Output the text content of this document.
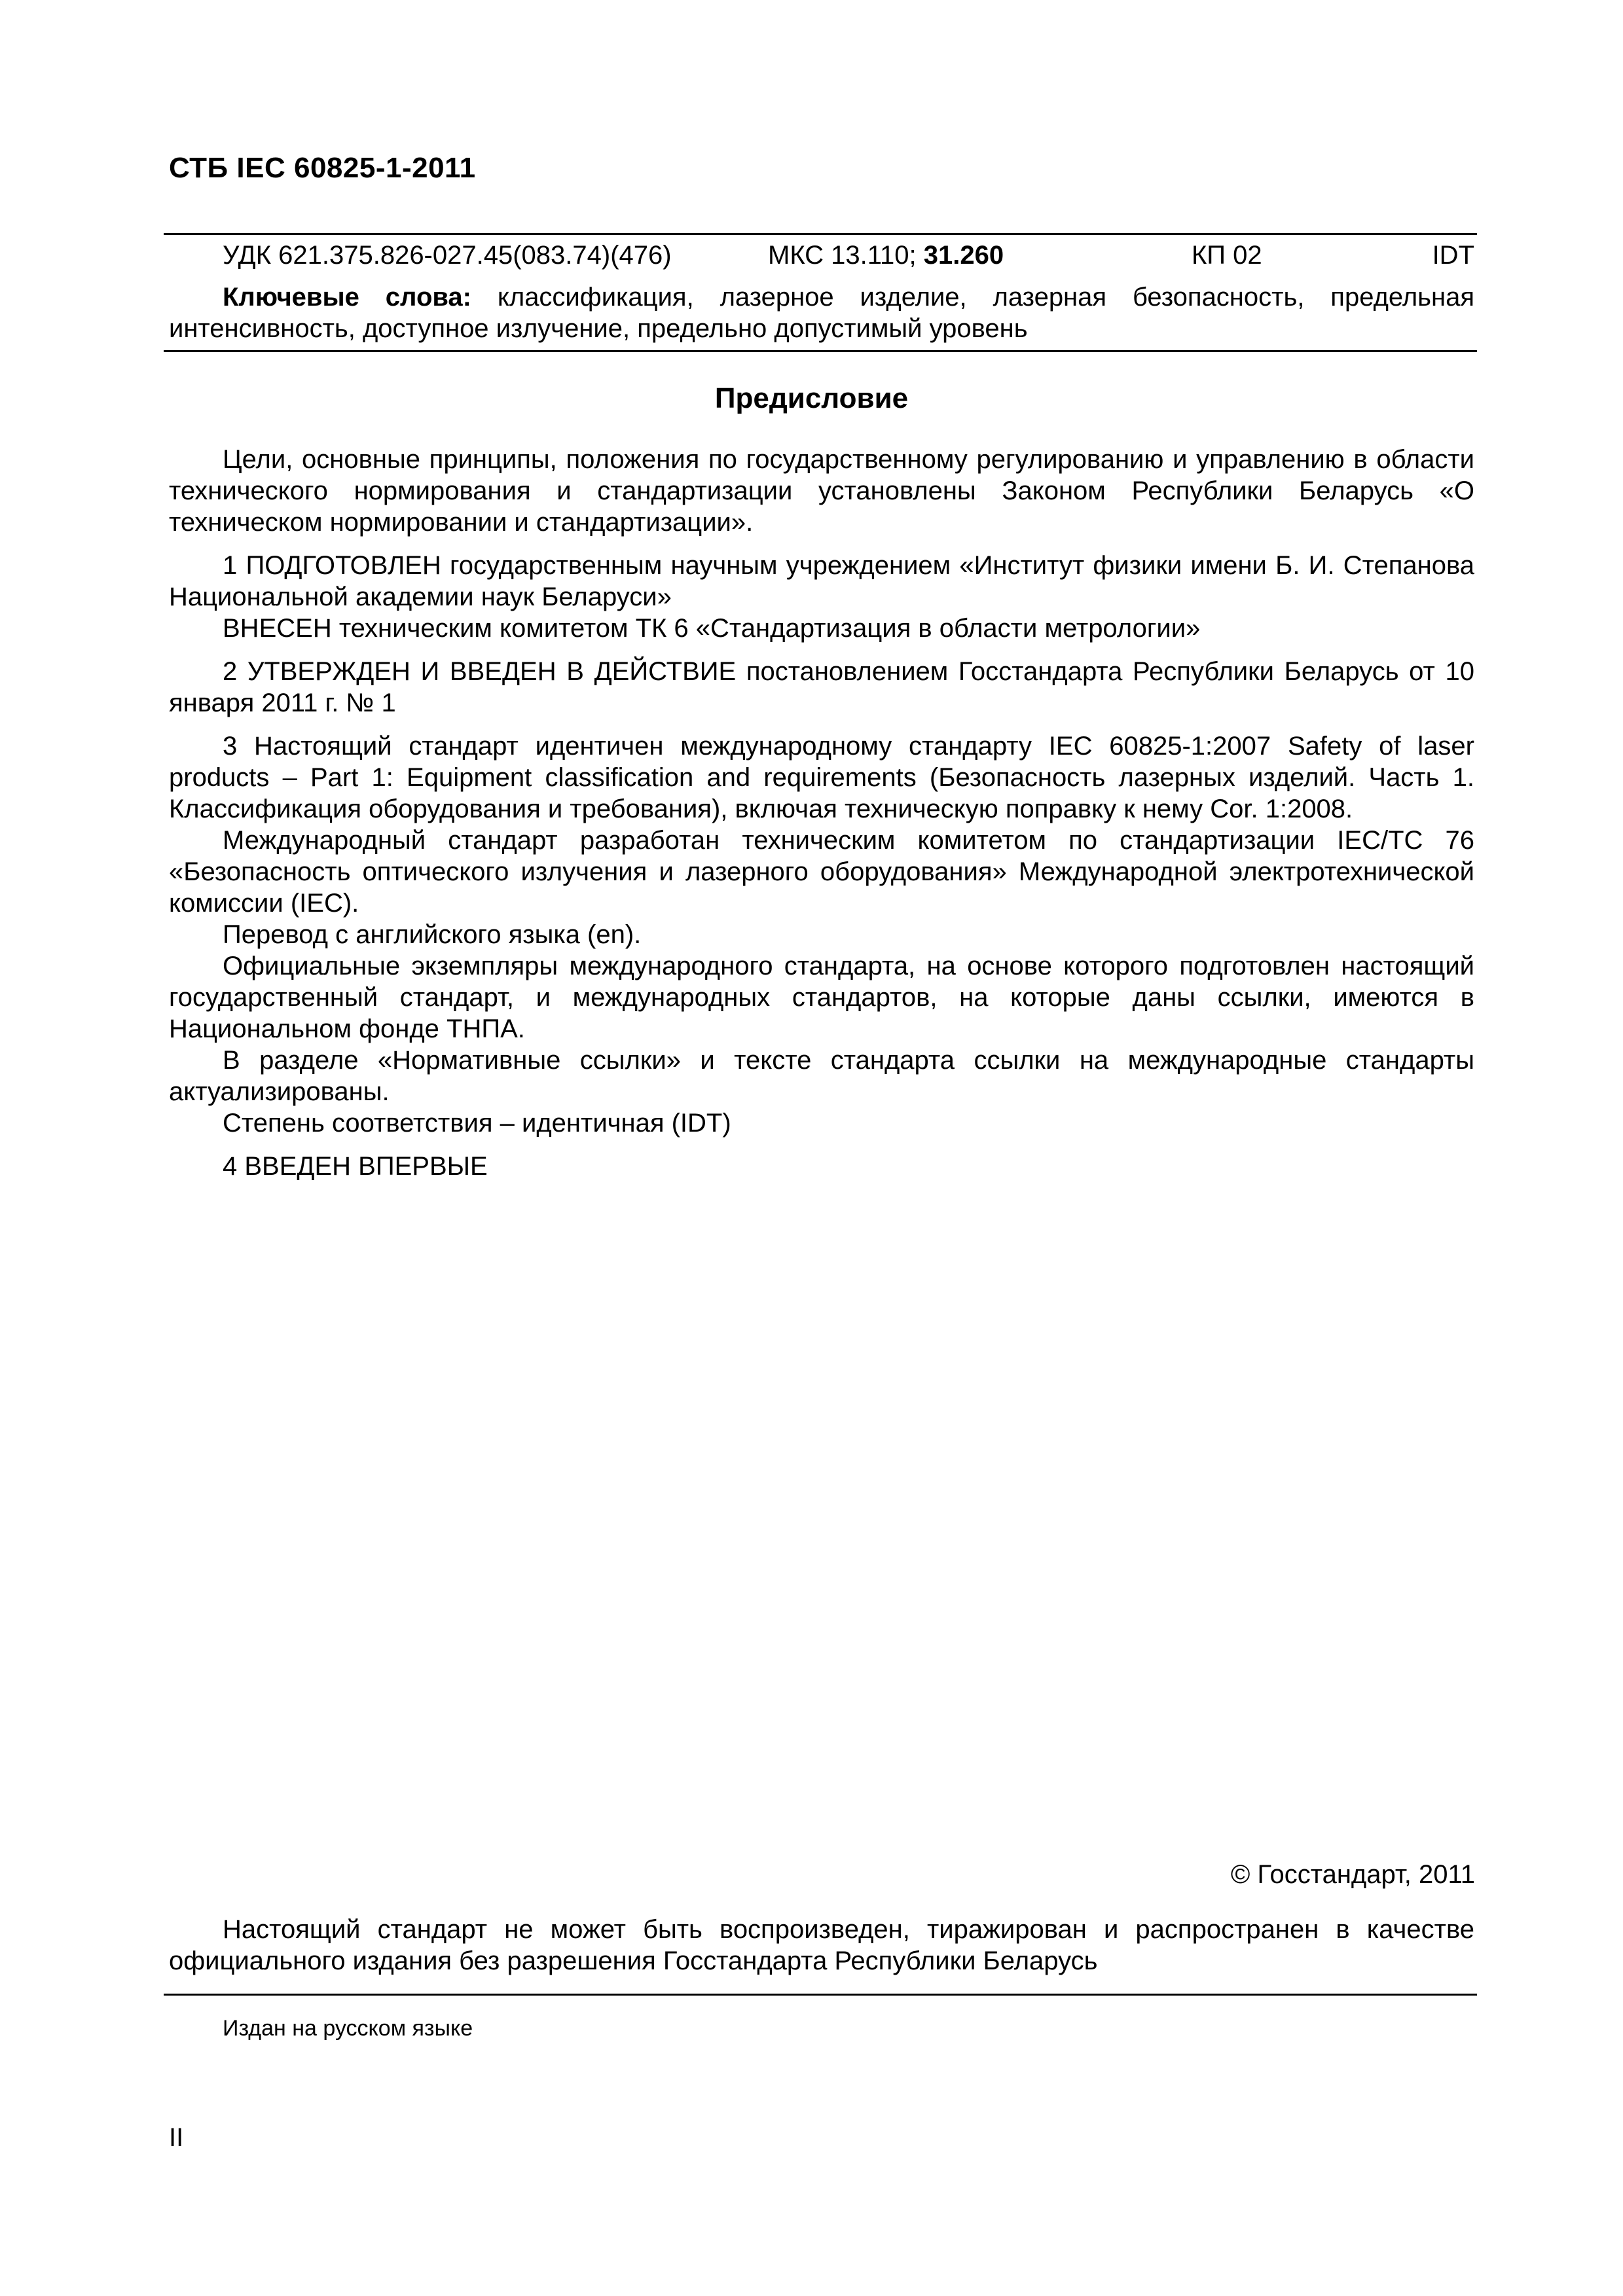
СТБ IEC 60825-1-2011
УДК 621.375.826-027.45(083.74)(476)	МКС 13.110; 31.260	КП 02	IDT

Ключевые слова: классификация, лазерное изделие, лазерная безопасность, предельная интенсивность, доступное излучение, предельно допустимый уровень

Предисловие

Цели, основные принципы, положения по государственному регулированию и управлению в области технического нормирования и стандартизации установлены Законом Республики Беларусь «О техническом нормировании и стандартизации».

1 ПОДГОТОВЛЕН государственным научным учреждением «Институт физики имени Б. И. Степанова Национальной академии наук Беларуси»

ВНЕСЕН техническим комитетом ТК 6 «Стандартизация в области метрологии»

2 УТВЕРЖДЕН И ВВЕДЕН В ДЕЙСТВИЕ постановлением Госстандарта Республики Беларусь от 10 января 2011 г. № 1

3 Настоящий стандарт идентичен международному стандарту IEC 60825-1:2007 Safety of laser products – Part 1: Equipment classification and requirements (Безопасность лазерных изделий. Часть 1. Классификация оборудования и требования), включая техническую поправку к нему Cor. 1:2008.

Международный стандарт разработан техническим комитетом по стандартизации IEC/TC 76 «Безопасность оптического излучения и лазерного оборудования» Международной электротехнической комиссии (IEC).

Перевод с английского языка (en).

Официальные экземпляры международного стандарта, на основе которого подготовлен настоящий государственный стандарт, и международных стандартов, на которые даны ссылки, имеются в Национальном фонде ТНПА.

В разделе «Нормативные ссылки» и тексте стандарта ссылки на международные стандарты актуализированы.

Степень соответствия – идентичная (IDT)

4 ВВЕДЕН ВПЕРВЫЕ

© Госстандарт, 2011

Настоящий стандарт не может быть воспроизведен, тиражирован и распространен в качестве официального издания без разрешения Госстандарта Республики Беларусь

Издан на русском языке
II
